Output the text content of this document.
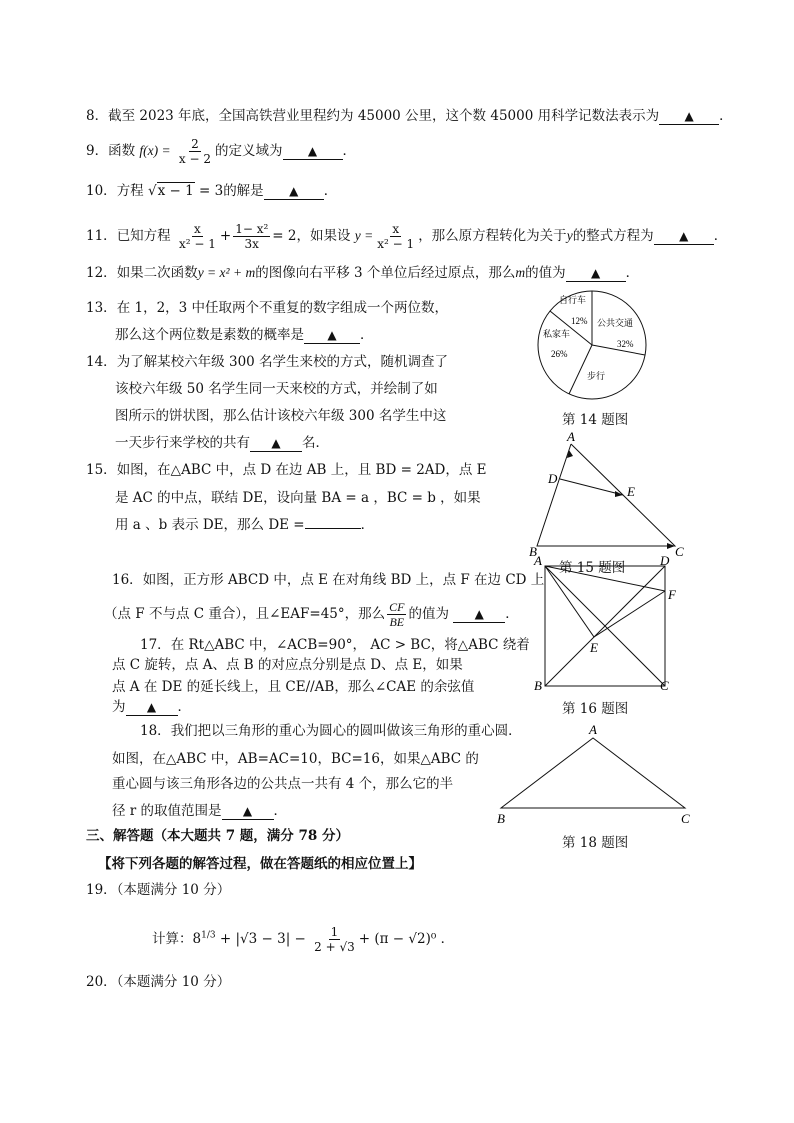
8．截至 2023 年底，全国高铁营业里程约为 45000 公里，这个数 45000 用科学记数法表示为 ▲ ．
9．函数 $f(x) = \frac{2}{x - 2}$ 的定义域为 ▲ ．
10．方程 √x − 1 = 3的解是 ▲ ．
11．已知方程 $\frac{x}{\text{x² − 1}} + \frac{\text{1− x²}}{3x} = 2$，如果设 $y = \frac{x}{\text{x² − 1}}$ ，那么原方程转化为关于y的整式方程为 ▲ ．
12．如果二次函数y = x² + m的图像向右平移 3 个单位后经过原点，那么m的值为 ▲ ．
13．在 1，2，3 中任取两个不重复的数字组成一个两位数，
那么这个两位数是素数的概率是 ▲ ．
14．为了解某校六年级 300 名学生来校的方式，随机调查了
该校六年级 50 名学生同一天来校的方式，并绘制了如
图所示的饼状图，那么估计该校六年级 300 名学生中这
一天步行来学校的共有 ▲ 名．
自行车
12%
私家车
26%
公共交通
32%
步行
第 14 题图
15．如图，在△ABC 中，点 D 在边 AB 上，且 BD = 2AD，点 E
是 AC 的中点，联结 DE，设向量 BA = a ，BC = b ，如果
用 a 、b 表示 DE，那么 DE =	．
A
D
E
B	C
第 15 题图
16．如图，正方形 ABCD 中，点 E 在对角线 BD 上，点 F 在边 CD 上
（点 F 不与点 C 重合），且∠EAF=45°，那么 $\frac{CF}{BE}$ 的值为 ▲ ．
A	D
F
E
B	C
第 16 题图
17．在 Rt△ABC 中，∠ACB=90°， AC > BC，将△ABC 绕着
点 C 旋转，点 A、点 B 的对应点分别是点 D、点 E，如果
点 A 在 DE 的延长线上，且 CE//AB，那么∠CAE 的余弦值
为 ▲ ．
18．我们把以三角形的重心为圆心的圆叫做该三角形的重心圆．
如图，在△ABC 中，AB=AC=10，BC=16，如果△ABC 的
重心圆与该三角形各边的公共点一共有 4 个，那么它的半
径 r 的取值范围是 ▲ ．
A
B	C
第 18 题图
三、解答题（本大题共 7 题，满分 78 分）
【将下列各题的解答过程，做在答题纸的相应位置上】
19．（本题满分 10 分）
计算：$8^{1/3} + |√3 - 3| - \frac{1}{2 + √3} + (\pi - √2)^0$ ．
20．（本题满分 10 分）
